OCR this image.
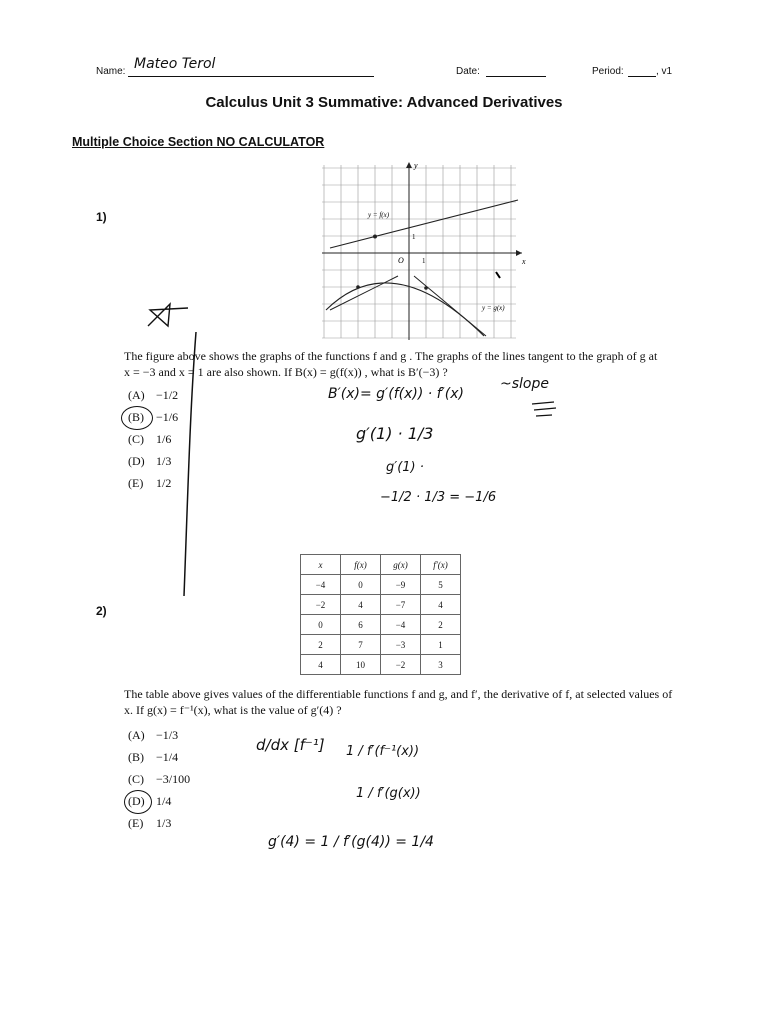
Name: Mateo Terol	Date:	Period:	, v1
Calculus Unit 3 Summative: Advanced Derivatives
Multiple Choice Section NO CALCULATOR
1)
y
x
O	1
1
y = f(x)
y = g(x)
The figure above shows the graphs of the functions f and g . The graphs of the lines tangent to the graph of g at
x = −3 and x = 1 are also shown. If B(x) = g(f(x)) , what is B′(−3) ?
(A) −1/2
(B)	−1/6
(C)	1/6
(D) 1/3
(E)	1/2
B′(x)= g′(f(x)) · f′(x)
~slope
g′(1) · 1/3
g′(1) ·
−1/2 · 1/3 = −1/6
2)
x	f(x)	g(x)	f′(x)
−4	0	−9	5
−2	4	−7	4
0	6	−4	2
2	7	−3	1
4	10	−2	3
The table above gives values of the differentiable functions f and g, and f′, the derivative of f, at selected values of
x. If g(x) = f⁻¹(x), what is the value of g′(4) ?
(A) −1/3
(B)	−1/4
(C)	−3/100
(D) 1/4
(E)	1/3
d/dx [f⁻¹] 1 / f′(f⁻¹(x))
1 / f′(g(x))
g′(4) = 1 / f′(g(4)) = 1/4
